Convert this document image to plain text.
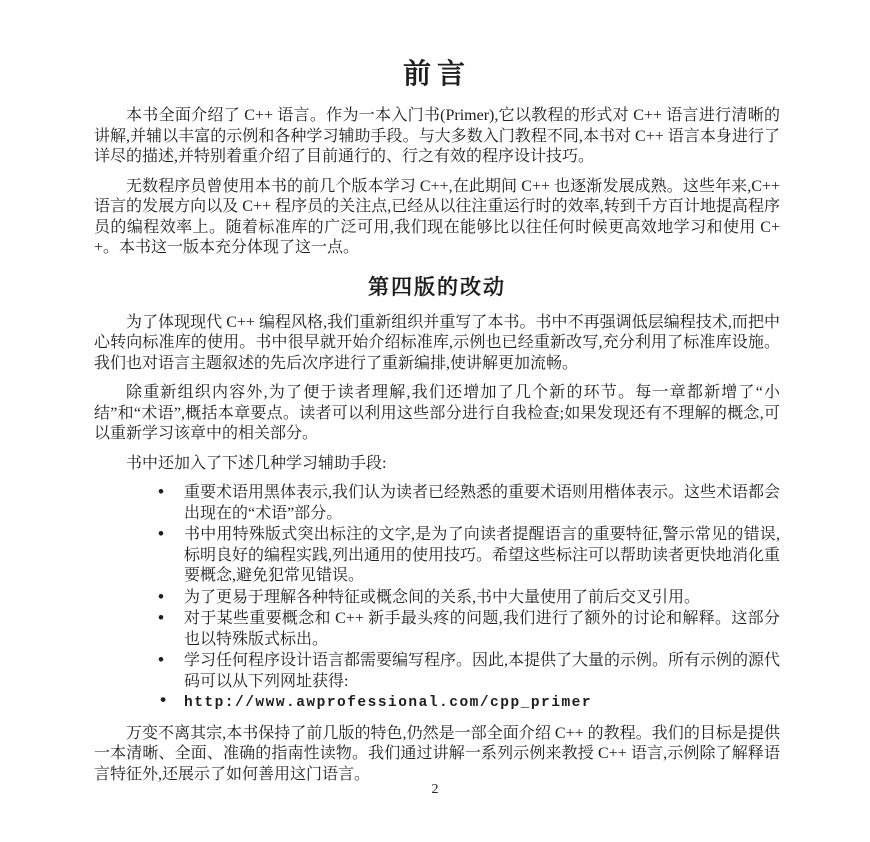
前言

本书全面介绍了 C++ 语言。作为一本入门书(Primer),它以教程的形式对 C++ 语言进行清晰的讲解,并辅以丰富的示例和各种学习辅助手段。与大多数入门教程不同,本书对 C++ 语言本身进行了详尽的描述,并特别着重介绍了目前通行的、行之有效的程序设计技巧。

无数程序员曾使用本书的前几个版本学习 C++,在此期间 C++ 也逐渐发展成熟。这些年来,C++ 语言的发展方向以及 C++ 程序员的关注点,已经从以往注重运行时的效率,转到千方百计地提高程序员的编程效率上。随着标准库的广泛可用,我们现在能够比以往任何时候更高效地学习和使用 C++。本书这一版本充分体现了这一点。

第四版的改动

为了体现现代 C++ 编程风格,我们重新组织并重写了本书。书中不再强调低层编程技术,而把中心转向标准库的使用。书中很早就开始介绍标准库,示例也已经重新改写,充分利用了标准库设施。我们也对语言主题叙述的先后次序进行了重新编排,使讲解更加流畅。

除重新组织内容外,为了便于读者理解,我们还增加了几个新的环节。每一章都新增了“小结”和“术语”,概括本章要点。读者可以利用这些部分进行自我检查;如果发现还有不理解的概念,可以重新学习该章中的相关部分。

书中还加入了下述几种学习辅助手段:

• 重要术语用黑体表示,我们认为读者已经熟悉的重要术语则用楷体表示。这些术语都会出现在的“术语”部分。
• 书中用特殊版式突出标注的文字,是为了向读者提醒语言的重要特征,警示常见的错误,标明良好的编程实践,列出通用的使用技巧。希望这些标注可以帮助读者更快地消化重要概念,避免犯常见错误。
• 为了更易于理解各种特征或概念间的关系,书中大量使用了前后交叉引用。
• 对于某些重要概念和 C++ 新手最头疼的问题,我们进行了额外的讨论和解释。这部分也以特殊版式标出。
• 学习任何程序设计语言都需要编写程序。因此,本提供了大量的示例。所有示例的源代码可以从下列网址获得:
• http://www.awprofessional.com/cpp_primer

万变不离其宗,本书保持了前几版的特色,仍然是一部全面介绍 C++ 的教程。我们的目标是提供一本清晰、全面、准确的指南性读物。我们通过讲解一系列示例来教授 C++ 语言,示例除了解释语言特征外,还展示了如何善用这门语言。

2
